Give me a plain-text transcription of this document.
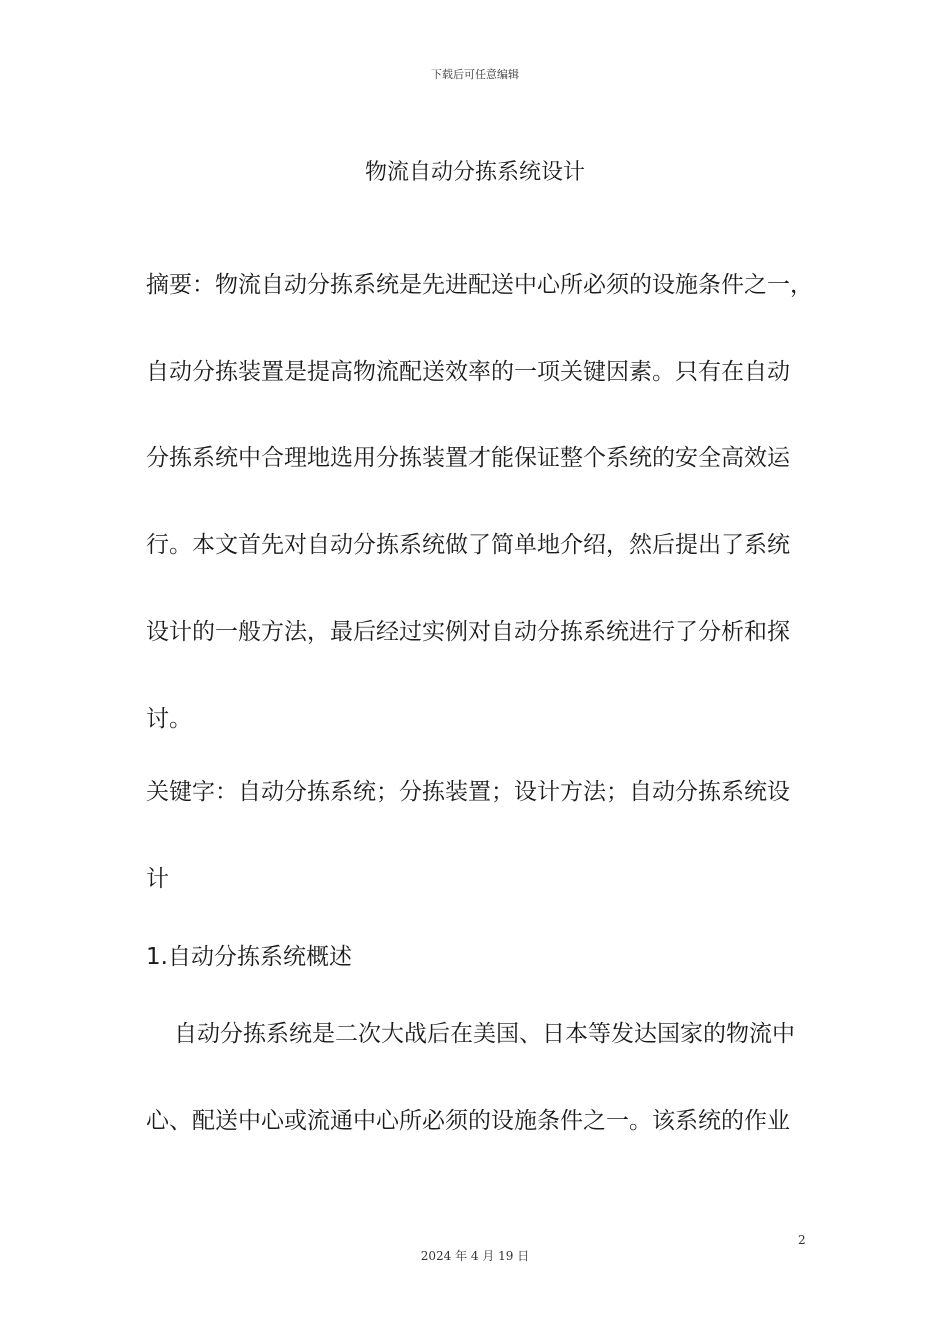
下载后可任意编辑
物流自动分拣系统设计
摘要：物流自动分拣系统是先进配送中心所必须的设施条件之一，
自动分拣装置是提高物流配送效率的一项关键因素。只有在自动
分拣系统中合理地选用分拣装置才能保证整个系统的安全高效运
行。本文首先对自动分拣系统做了简单地介绍，然后提出了系统
设计的一般方法，最后经过实例对自动分拣系统进行了分析和探
讨。
关键字：自动分拣系统；分拣装置；设计方法；自动分拣系统设
计
1.自动分拣系统概述
自动分拣系统是二次大战后在美国、日本等发达国家的物流中
心、配送中心或流通中心所必须的设施条件之一。该系统的作业
2
2024 年 4 月 19 日
